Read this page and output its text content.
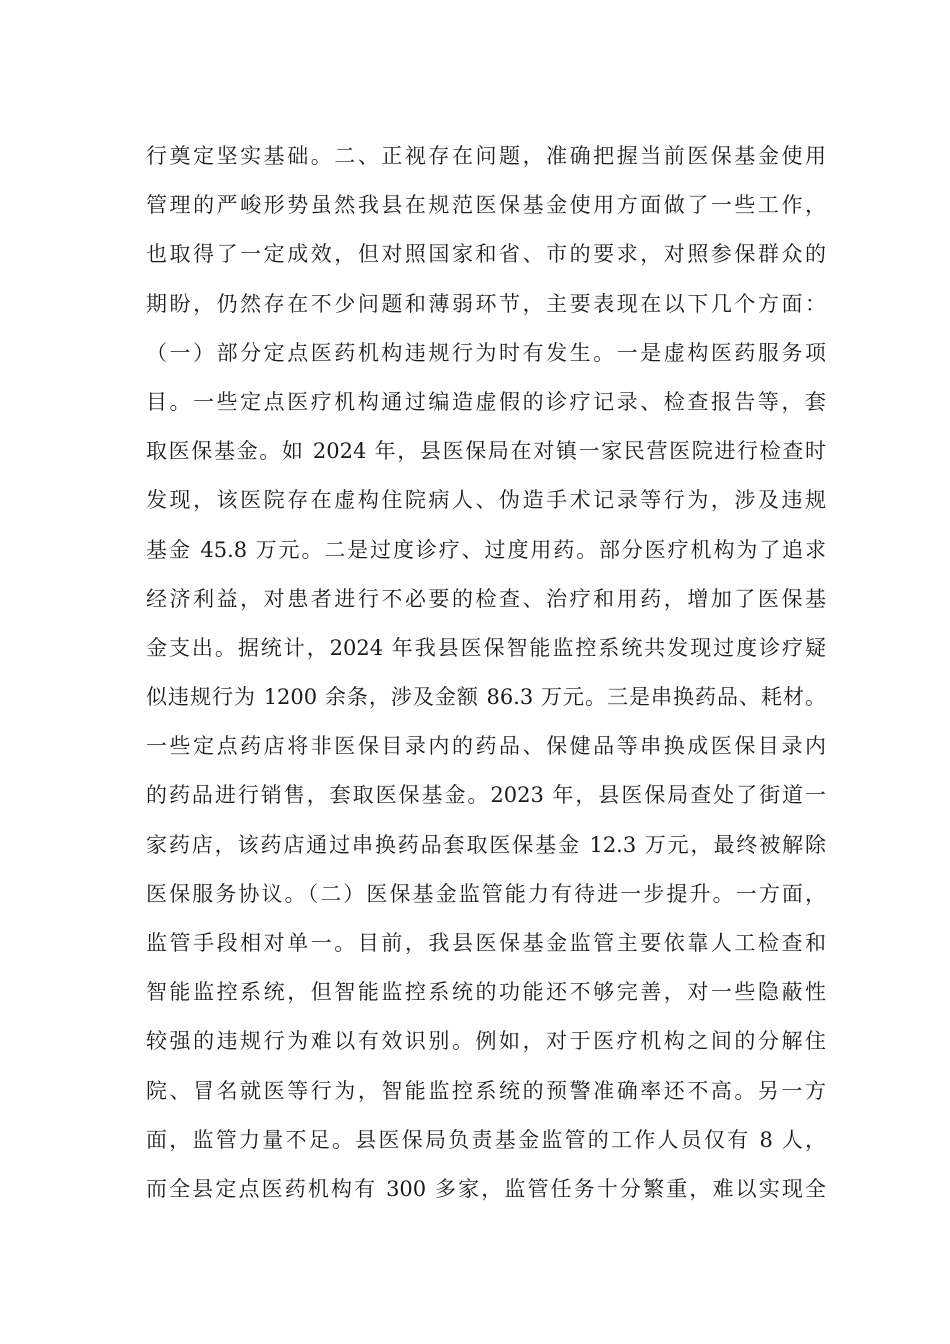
行奠定坚实基础。二、正视存在问题，准确把握当前医保基金使用
管理的严峻形势虽然我县在规范医保基金使用方面做了一些工作，
也取得了一定成效，但对照国家和省、市的要求，对照参保群众的
期盼，仍然存在不少问题和薄弱环节，主要表现在以下几个方面：
（一）部分定点医药机构违规行为时有发生。一是虚构医药服务项
目。一些定点医疗机构通过编造虚假的诊疗记录、检查报告等，套
取医保基金。如 2024 年，县医保局在对镇一家民营医院进行检查时
发现，该医院存在虚构住院病人、伪造手术记录等行为，涉及违规
基金 45.8 万元。二是过度诊疗、过度用药。部分医疗机构为了追求
经济利益，对患者进行不必要的检查、治疗和用药，增加了医保基
金支出。据统计，2024 年我县医保智能监控系统共发现过度诊疗疑
似违规行为 1200 余条，涉及金额 86.3 万元。三是串换药品、耗材。
一些定点药店将非医保目录内的药品、保健品等串换成医保目录内
的药品进行销售，套取医保基金。2023 年，县医保局查处了街道一
家药店，该药店通过串换药品套取医保基金 12.3 万元，最终被解除
医保服务协议。（二）医保基金监管能力有待进一步提升。一方面，
监管手段相对单一。目前，我县医保基金监管主要依靠人工检查和
智能监控系统，但智能监控系统的功能还不够完善，对一些隐蔽性
较强的违规行为难以有效识别。例如，对于医疗机构之间的分解住
院、冒名就医等行为，智能监控系统的预警准确率还不高。另一方
面，监管力量不足。县医保局负责基金监管的工作人员仅有 8 人，
而全县定点医药机构有 300 多家，监管任务十分繁重，难以实现全
